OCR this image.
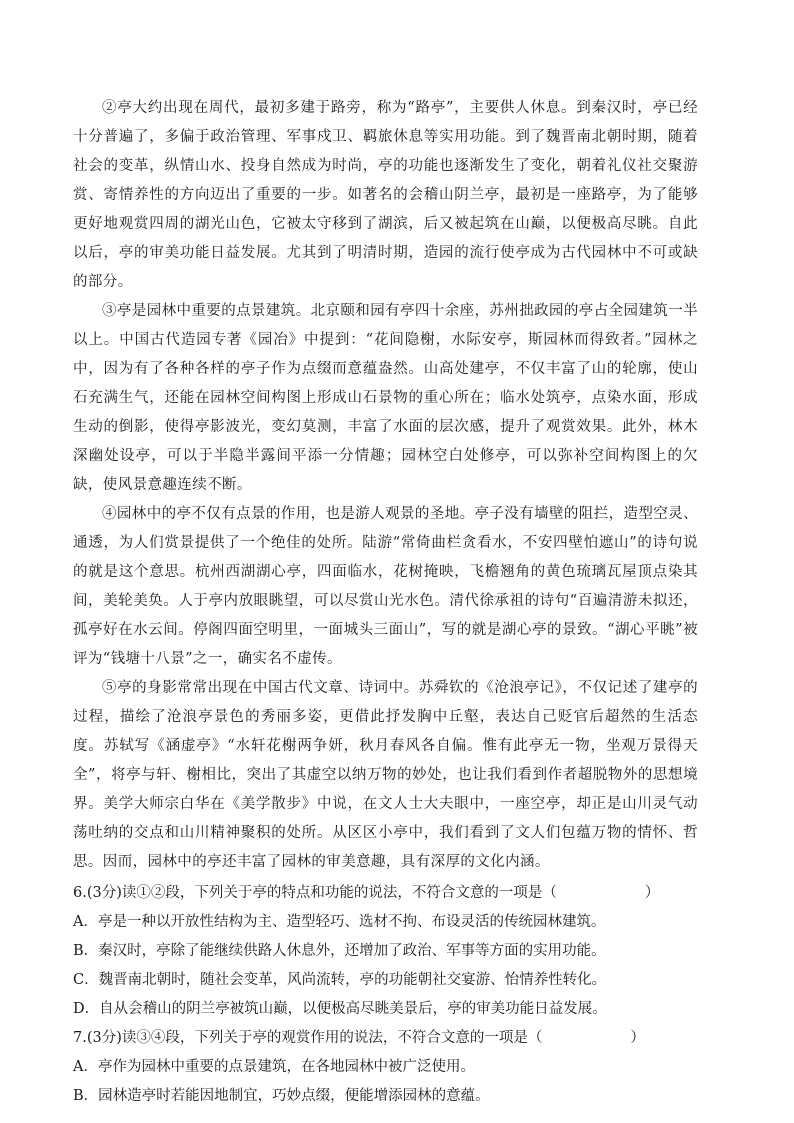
②亭大约出现在周代，最初多建于路旁，称为“路亭”，主要供人休息。到秦汉时，亭已经十分普遍了，多偏于政治管理、军事戍卫、羁旅休息等实用功能。到了魏晋南北朝时期，随着社会的变革，纵情山水、投身自然成为时尚，亭的功能也逐渐发生了变化，朝着礼仪社交聚游赏、寄情养性的方向迈出了重要的一步。如著名的会稽山阴兰亭，最初是一座路亭，为了能够更好地观赏四周的湖光山色，它被太守移到了湖滨，后又被起筑在山巅，以便极高尽眺。自此以后，亭的审美功能日益发展。尤其到了明清时期，造园的流行使亭成为古代园林中不可或缺的部分。

③亭是园林中重要的点景建筑。北京颐和园有亭四十余座，苏州拙政园的亭占全园建筑一半以上。中国古代造园专著《园冶》中提到：“花间隐榭，水际安亭，斯园林而得致者。”园林之中，因为有了各种各样的亭子作为点缀而意蕴盎然。山高处建亭，不仅丰富了山的轮廓，使山石充满生气，还能在园林空间构图上形成山石景物的重心所在；临水处筑亭，点染水面，形成生动的倒影，使得亭影波光，变幻莫测，丰富了水面的层次感，提升了观赏效果。此外，林木深幽处设亭，可以于半隐半露间平添一分情趣；园林空白处修亭，可以弥补空间构图上的欠缺，使风景意趣连续不断。

④园林中的亭不仅有点景的作用，也是游人观景的圣地。亭子没有墙壁的阻拦，造型空灵、通透，为人们赏景提供了一个绝佳的处所。陆游“常倚曲栏贪看水，不安四壁怕遮山”的诗句说的就是这个意思。杭州西湖湖心亭，四面临水，花树掩映，飞檐翘角的黄色琉璃瓦屋顶点染其间，美轮美奂。人于亭内放眼眺望，可以尽赏山光水色。清代徐承祖的诗句“百遍清游未拟还，孤亭好在水云间。停阁四面空明里，一面城头三面山”，写的就是湖心亭的景致。“湖心平眺”被评为“钱塘十八景”之一，确实名不虚传。

⑤亭的身影常常出现在中国古代文章、诗词中。苏舜钦的《沧浪亭记》，不仅记述了建亭的过程，描绘了沧浪亭景色的秀丽多姿，更借此抒发胸中丘壑，表达自己贬官后超然的生活态度。苏轼写《涵虚亭》“水轩花榭两争妍，秋月春风各自偏。惟有此亭无一物，坐观万景得天全”，将亭与轩、榭相比，突出了其虚空以纳万物的妙处，也让我们看到作者超脱物外的思想境界。美学大师宗白华在《美学散步》中说，在文人士大夫眼中，一座空亭，却正是山川灵气动荡吐纳的交点和山川精神聚积的处所。从区区小亭中，我们看到了文人们包蕴万物的情怀、哲思。因而，园林中的亭还丰富了园林的审美意趣，具有深厚的文化内涵。

6.(3分)读①②段，下列关于亭的特点和功能的说法，不符合文意的一项是（	）

A．亭是一种以开放性结构为主、造型轻巧、选材不拘、布设灵活的传统园林建筑。

B．秦汉时，亭除了能继续供路人休息外，还增加了政治、军事等方面的实用功能。

C．魏晋南北朝时，随社会变革，风尚流转，亭的功能朝社交宴游、怡情养性转化。

D．自从会稽山的阴兰亭被筑山巅，以便极高尽眺美景后，亭的审美功能日益发展。

7.(3分)读③④段，下列关于亭的观赏作用的说法，不符合文意的一项是（	）

A．亭作为园林中重要的点景建筑，在各地园林中被广泛使用。

B．园林造亭时若能因地制宜，巧妙点缀，便能增添园林的意蕴。
